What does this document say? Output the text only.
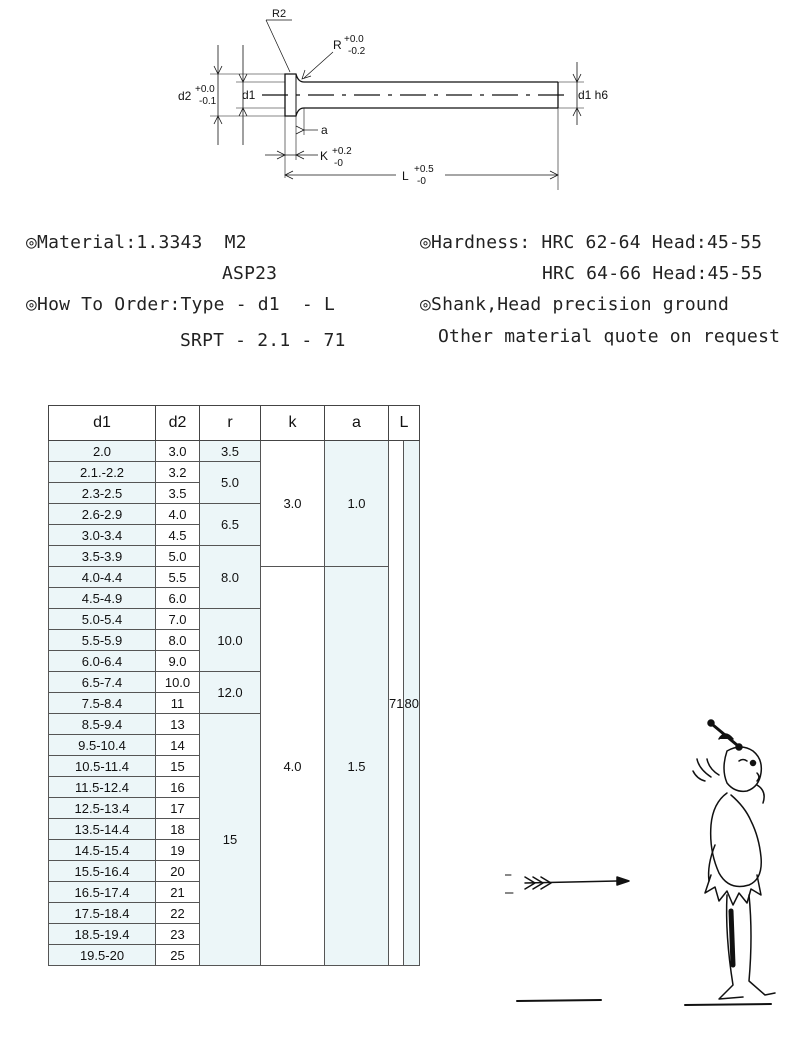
R2
R +0.0
-0.2
d2 +0.0
-0.1 d1	d1 h6
a
K +0.2
-0
L +0.5
-0
◎Material:1.3343  M2
ASP23
◎How To Order:Type - d1  - L
SRPT - 2.1 - 71
◎Hardness: HRC 62-64 Head:45-55
HRC 64-66 Head:45-55
◎Shank,Head precision ground
Other material quote on request
d1	d2	r	k	a	L	
2.0	3.0	3.5	3.0	1.0	71	80
2.1.-2.2	3.2	5.0				
2.3-2.5	3.5					
2.6-2.9	4.0	6.5				
3.0-3.4	4.5					
3.5-3.9	5.0	8.0				
4.0-4.4	5.5		4.0	1.5		
4.5-4.9	6.0					
5.0-5.4	7.0	10.0				
5.5-5.9	8.0					
6.0-6.4	9.0					
6.5-7.4	10.0	12.0				
7.5-8.4	11					
8.5-9.4	13	15				
9.5-10.4	14					
10.5-11.4	15					
11.5-12.4	16					
12.5-13.4	17					
13.5-14.4	18					
14.5-15.4	19					
15.5-16.4	20					
16.5-17.4	21					
17.5-18.4	22					
18.5-19.4	23					
19.5-20	25					
